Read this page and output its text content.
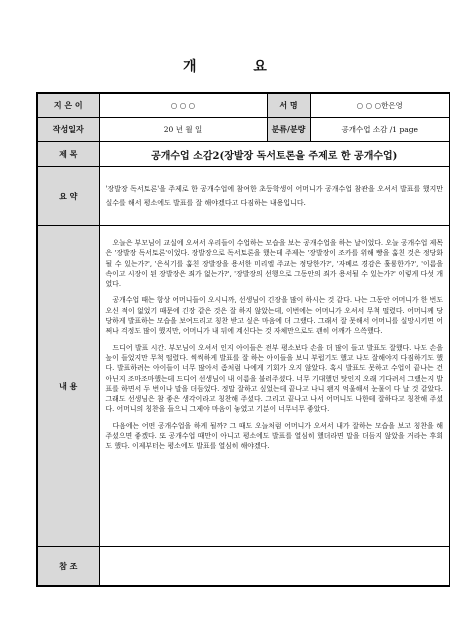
개 요
지 은 이	○ ○ ○	서 명	○ ○ ○한은영
작성일자	20 년 월 일	분류/분량	공개수업 소감 /1 page
제 목	공개수업 소감2(장발장 독서토론을 주제로 한 공개수업)		
요 약	'장발장 독서토론'을 주제로 한 공개수업에 참여한 초등학생이 어머니가 공개수업 참관을 오셔서 발표를 했지만 실수를 해서 평소에도 발표를 잘 해야겠다고 다짐하는 내용입니다.		
내 용	오늘은 부모님이 교실에 오셔서 우리들이 수업하는 모습을 보는 공개수업을 하는 날이었다. 오늘 공개수업 제목은 '장발장 독서토론'이었다. 장발장으로 독서토론을 했는데 주제는 '장발장이 조카를 위해 빵을 훔친 것은 정당화될 수 있는가?', '은식기를 훔친 장발장을 용서한 미리엘 주교는 정당한가?', '자베르 경감은 훌륭한가?', '이름을 속이고 시장이 된 장발장은 죄가 없는가?', '장발장의 선행으로 그동안의 죄가 용서될 수 있는가?' 이렇게 다섯 개였다.

공개수업 때는 항상 어머니들이 오시니까, 선생님이 긴장을 많이 하시는 것 같다. 나는 그동안 어머니가 한 번도 오신 적이 없었기 때문에 긴장 같은 것은 잘 하지 않았는데, 이번에는 어머니가 오셔서 무척 떨렸다. 어머니께 당당하게 발표하는 모습을 보여드리고 칭찬 받고 싶은 마음에 더 그랬다. 그래서 잘 못해서 어머니를 실망시키면 어쩌나 걱정도 많이 했지만, 어머니가 내 뒤에 계신다는 것 자체만으로도 괜히 어깨가 으쓱했다.

드디어 발표 시간. 부모님이 오셔서 인지 아이들은 전부 평소보다 손을 더 많이 들고 발표도 잘했다. 나도 손을 높이 들었지만 무척 떨렸다. 씩씩하게 발표를 잘 하는 아이들을 보니 부럽기도 했고 나도 잘해야지 다짐하기도 했다. 발표하려는 아이들이 너무 많아서 좀처럼 나에게 기회가 오지 않았다. 혹시 발표도 못하고 수업이 끝나는 건 아닌지 조마조마했는데 드디어 선생님이 내 이름을 불러주셨다. 너무 기대했던 탓인지 오래 기다려서 그랬는지 발표를 하면서 두 번이나 말을 더듬었다. 정말 잘하고 싶었는데 끝나고 나니 왠지 억울해서 눈물이 다 날 것 같았다. 그래도 선생님은 참 좋은 생각이라고 칭찬해 주셨다. 그리고 끝나고 나서 어머니도 나한테 잘하다고 칭찬해 주셨다. 어머니의 칭찬을 들으니 그제야 마음이 놓였고 기분이 너무너무 좋았다.

다음에는 어떤 공개수업을 하게 될까? 그 때도 오늘처럼 어머니가 오셔서 내가 잘하는 모습을 보고 칭찬을 해 주셨으면 좋겠다. 또 공개수업 때만이 아니고 평소에도 발표를 열심히 했더라면 말을 더듬지 않았을 거라는 후회도 했다. 이제부터는 평소에도 발표를 열심히 해야겠다.		

참 조			
